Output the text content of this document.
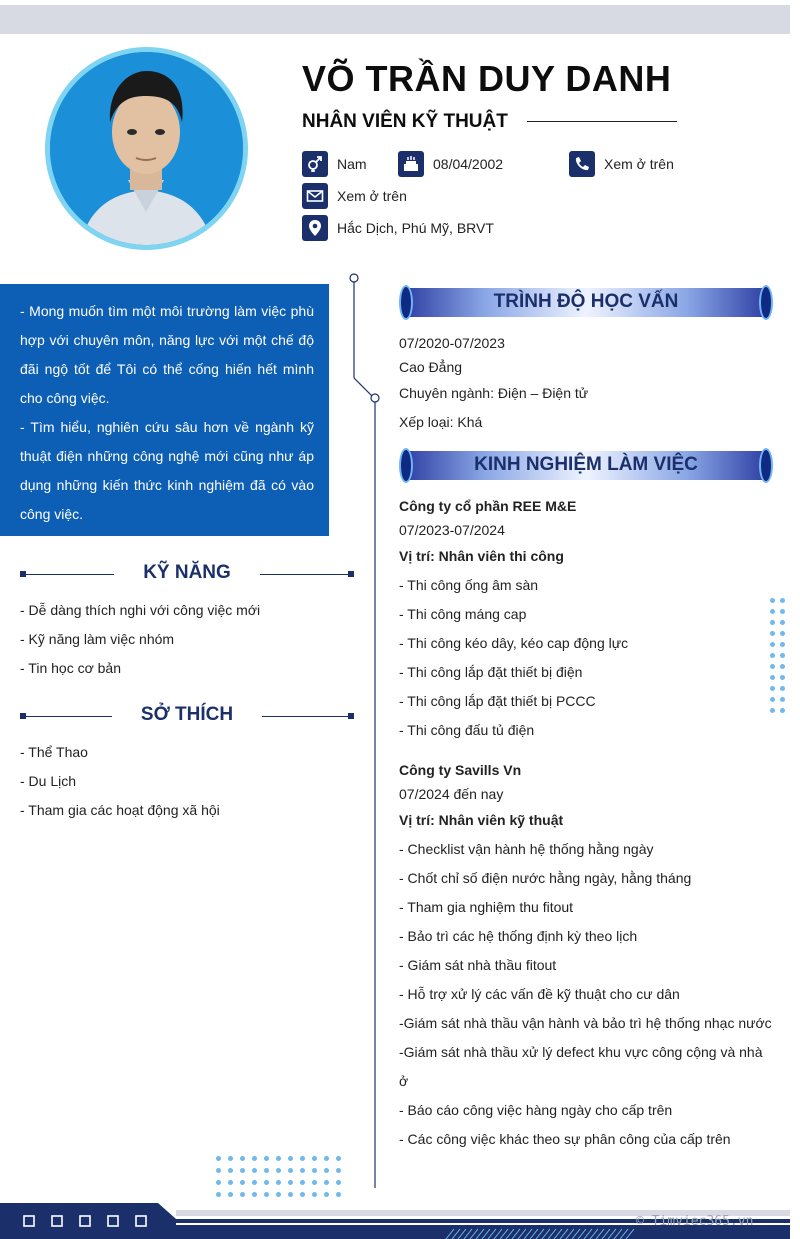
VÕ TRẦN DUY DANH
NHÂN VIÊN KỸ THUẬT
Nam	08/04/2002	Xem ở trên
Xem ở trên
Hắc Dịch, Phú Mỹ, BRVT

- Mong muốn tìm một môi trường làm việc phù hợp với chuyên môn, năng lực với một chế độ đãi ngộ tốt để Tôi có thể cống hiến hết mình cho công việc.

- Tìm hiểu, nghiên cứu sâu hơn về ngành kỹ thuật điện những công nghệ mới cũng như áp dụng những kiến thức kinh nghiệm đã có vào công việc.

KỸ NĂNG
- Dễ dàng thích nghi với công việc mới
- Kỹ năng làm việc nhóm
- Tin học cơ bản
SỞ THÍCH
- Thể Thao
- Du Lịch
- Tham gia các hoạt động xã hội
TRÌNH ĐỘ HỌC VẤN
07/2020-07/2023
Cao Đẳng
Chuyên ngành: Điện – Điện tử
Xếp loại: Khá
KINH NGHIỆM LÀM VIỆC
Công ty cổ phần REE M&E
07/2023-07/2024
Vị trí: Nhân viên thi công
- Thi công ống âm sàn
- Thi công máng cap
- Thi công kéo dây, kéo cap động lực
- Thi công lắp đặt thiết bị điện
- Thi công lắp đặt thiết bị PCCC
- Thi công đấu tủ điện
Công ty Savills Vn
07/2024 đến nay
Vị trí: Nhân viên kỹ thuật
- Checklist vận hành hệ thống hằng ngày
- Chốt chỉ số điện nước hằng ngày, hằng tháng
- Tham gia nghiệm thu fitout
- Bảo trì các hệ thống định kỳ theo lịch
- Giám sát nhà thầu fitout
- Hỗ trợ xử lý các vấn đề kỹ thuật cho cư dân
-Giám sát nhà thầu vận hành và bảo trì hệ thống nhạc nước
-Giám sát nhà thầu xử lý defect khu vực công cộng và nhà
ở
- Báo cáo công việc hàng ngày cho cấp trên
- Các công việc khác theo sự phân công của cấp trên
© Timviec365.vn
